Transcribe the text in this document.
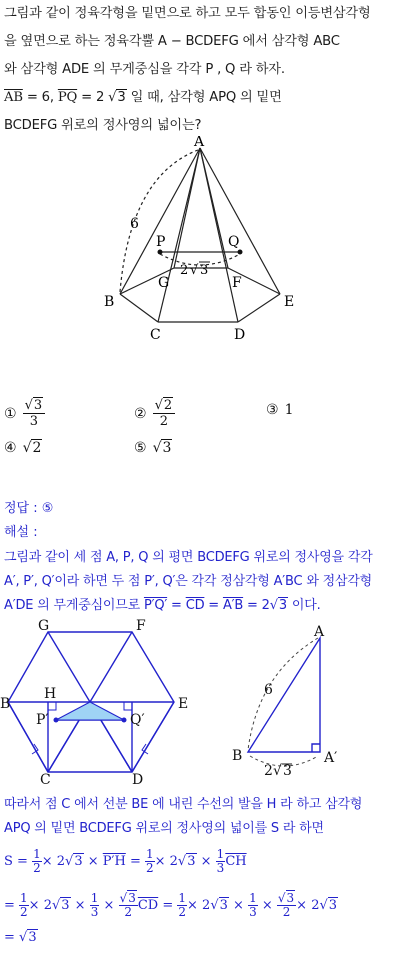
그림과 같이 정육각형을 밑면으로 하고 모두 합동인 이등변삼각형

을 옆면으로 하는 정육각뿔 A − BCDEFG 에서 삼각형 ABC

와 삼각형 ADE 의 무게중심을 각각 P , Q 라 하자.

$\overline{AB} = 6$, $\overline{PQ} = 2$ √3 일 때, 삼각형 APQ 의 밑면

BCDEFG 위로의 정사영의 넓이는?

A
B
C	D
E
F
G
P	Q
6
2 √ 3
① $\frac{√3}{3}$	② $\frac{√2}{2}$	③ 1
④ √2	⑤ √3
정답 : ⑤
해설 :

그림과 같이 세 점 A, P, Q 의 평면 BCDEFG 위로의 정사영을 각각

A′, P′, Q′이라 하면 두 점 P′, Q′은 각각 정삼각형 A′BC 와 정삼각형

A′DE 의 무게중심이므로 $P'Q' = \overline{CD} = A'B = 2√3$ 이다.

G	F
B	E
C	D
H
P′	Q′
A
B	A′
6
2 √ 3

따라서 점 C 에서 선분 BE 에 내린 수선의 발을 H 라 하고 삼각형

APQ 의 밑면 BCDEFG 위로의 정사영의 넓이를 S 라 하면

$S = \frac{1}{2} \times 2√3 \times P'H = \frac{1}{2} \times 2√3 \times \frac{1}{3} \overline{CH}$
= $\frac{1}{2} \times 2√3 \times \frac{1}{3} \times \frac{√3}{2} \overline{CD} = \frac{1}{2} \times 2√3 \times \frac{1}{3} \times \frac{√3}{2} \times 2√3$
= √3
